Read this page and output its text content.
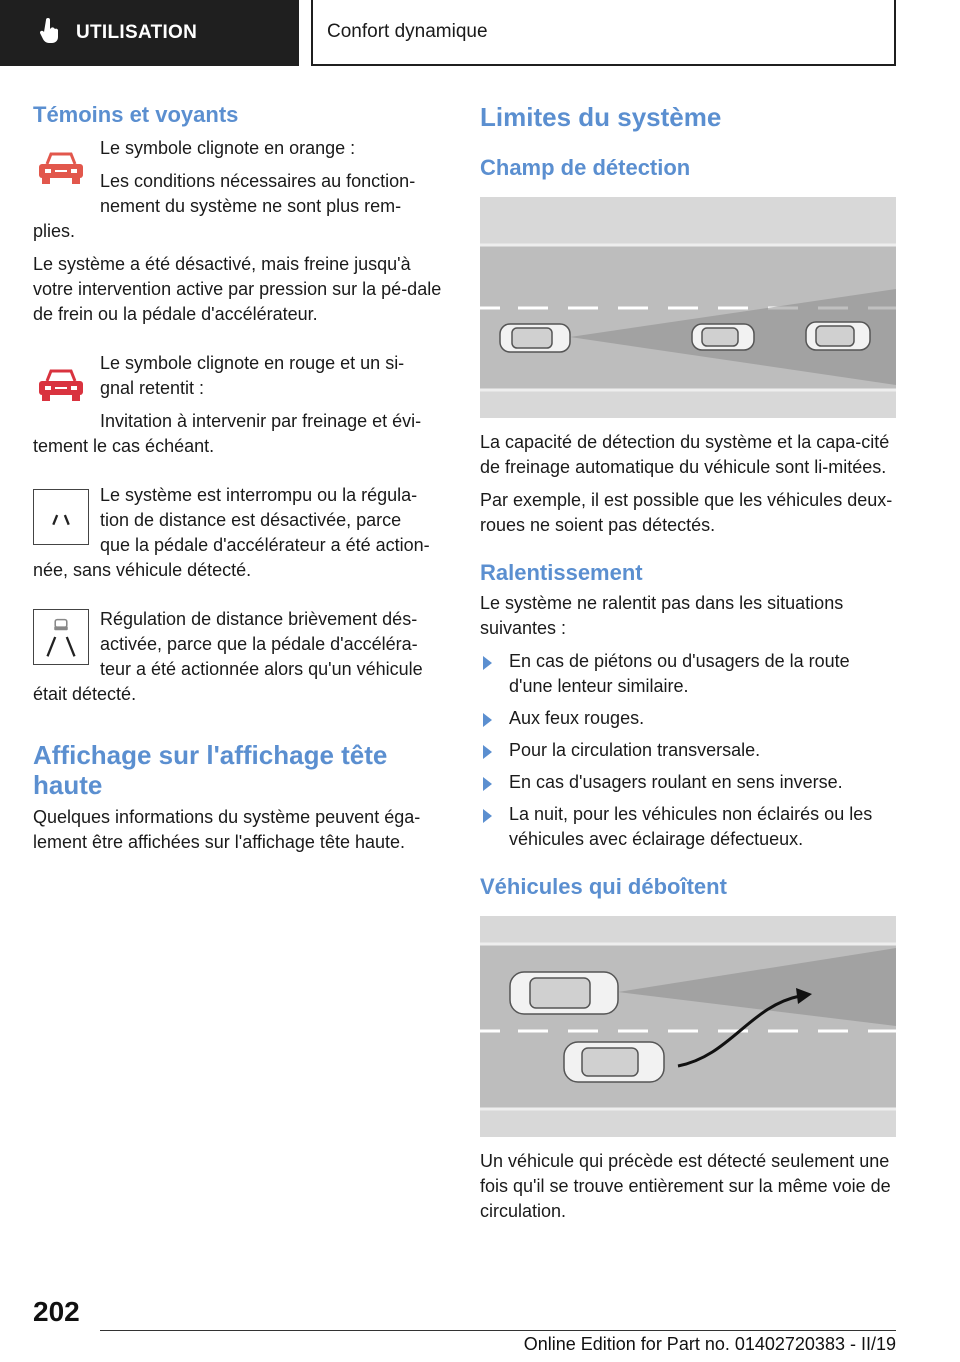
UTILISATION	Confort dynamique
Témoins et voyants

Le symbole clignote en orange :

Les conditions nécessaires au fonction‐

nement du système ne sont plus rem‐

plies.

Le système a été désactivé, mais freine jusqu'à votre intervention active par pression sur la pé‐dale de frein ou la pédale d'accélérateur.

Le symbole clignote en rouge et un si‐

gnal retentit :

Invitation à intervenir par freinage et évi‐

tement le cas échéant.

Le système est interrompu ou la régula‐

tion de distance est désactivée, parce

que la pédale d'accélérateur a été action‐

née, sans véhicule détecté.

Régulation de distance brièvement dés‐

activée, parce que la pédale d'accéléra‐

teur a été actionnée alors qu'un véhicule

était détecté.

Affichage sur l'affichage tête haute

Quelques informations du système peuvent éga‐lement être affichées sur l'affichage tête haute.

Limites du système
Champ de détection

La capacité de détection du système et la capa‐cité de freinage automatique du véhicule sont li‐mitées.

Par exemple, il est possible que les véhicules deux-roues ne soient pas détectés.

Ralentissement

Le système ne ralentit pas dans les situations suivantes :

En cas de piétons ou d'usagers de la route d'une lenteur similaire.
Aux feux rouges.
Pour la circulation transversale.
En cas d'usagers roulant en sens inverse.
La nuit, pour les véhicules non éclairés ou les véhicules avec éclairage défectueux.
Véhicules qui déboîtent

Un véhicule qui précède est détecté seulement une fois qu'il se trouve entièrement sur la même voie de circulation.

202
Online Edition for Part no. 01402720383 - II/19
